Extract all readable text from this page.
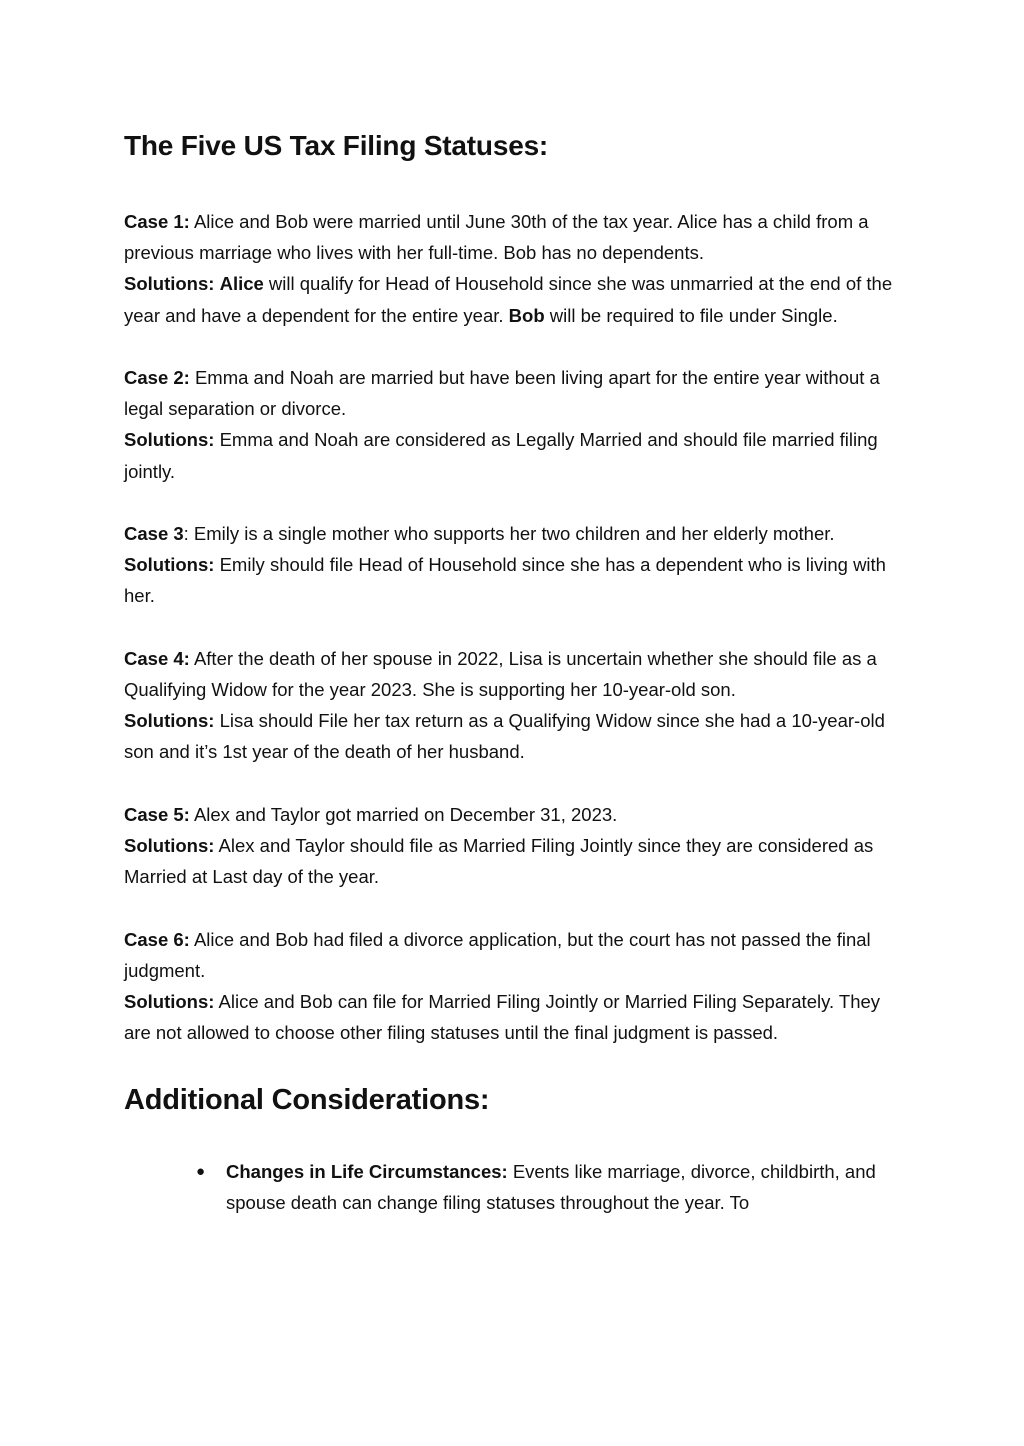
The Five US Tax Filing Statuses:

Case 1: Alice and Bob were married until June 30th of the tax year. Alice has a child from a previous marriage who lives with her full-time. Bob has no dependents.
Solutions: Alice will qualify for Head of Household since she was unmarried at the end of the year and have a dependent for the entire year. Bob will be required to file under Single.

Case 2: Emma and Noah are married but have been living apart for the entire year without a legal separation or divorce.
Solutions: Emma and Noah are considered as Legally Married and should file married filing jointly.

Case 3: Emily is a single mother who supports her two children and her elderly mother.
Solutions: Emily should file Head of Household since she has a dependent who is living with her.

Case 4: After the death of her spouse in 2022, Lisa is uncertain whether she should file as a Qualifying Widow for the year 2023. She is supporting her 10-year-old son.
Solutions: Lisa should File her tax return as a Qualifying Widow since she had a 10-year-old son and it’s 1st year of the death of her husband.

Case 5: Alex and Taylor got married on December 31, 2023.
Solutions: Alex and Taylor should file as Married Filing Jointly since they are considered as Married at Last day of the year.

Case 6: Alice and Bob had filed a divorce application, but the court has not passed the final judgment.
Solutions: Alice and Bob can file for Married Filing Jointly or Married Filing Separately. They are not allowed to choose other filing statuses until the final judgment is passed.

Additional Considerations:
● Changes in Life Circumstances: Events like marriage, divorce, childbirth, and spouse death can change filing statuses throughout the year. To
